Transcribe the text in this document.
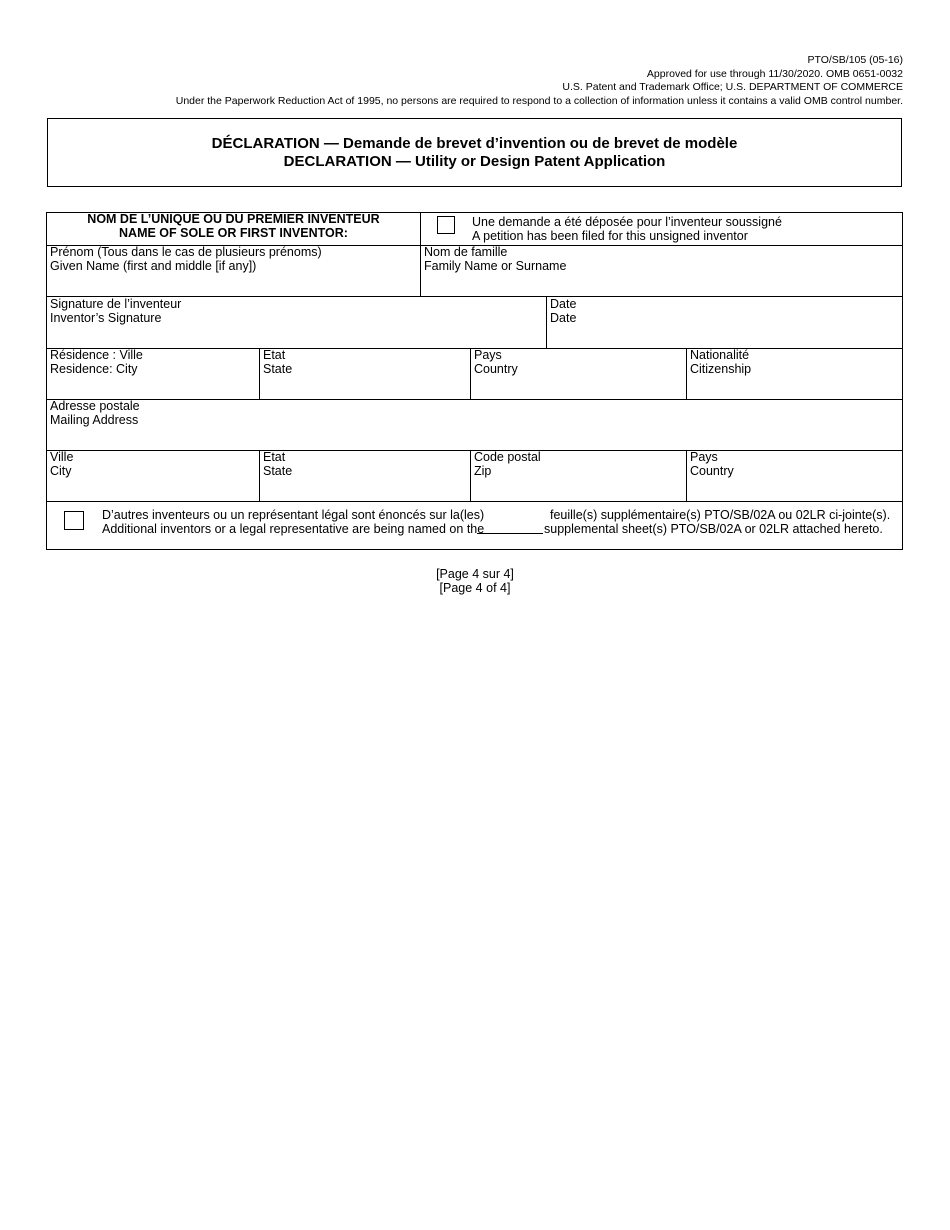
PTO/SB/105 (05-16)
Approved for use through 11/30/2020. OMB 0651-0032
U.S. Patent and Trademark Office; U.S. DEPARTMENT OF COMMERCE
Under the Paperwork Reduction Act of 1995, no persons are required to respond to a collection of information unless it contains a valid OMB control number.
DÉCLARATION — Demande de brevet d’invention ou de brevet de modèle
DECLARATION — Utility or Design Patent Application
NOM DE L’UNIQUE OU DU PREMIER INVENTEUR
NAME OF SOLE OR FIRST INVENTOR:
Une demande a été déposée pour l’inventeur soussigné
A petition has been filed for this unsigned inventor
Prénom (Tous dans le cas de plusieurs prénoms)
Given Name (first and middle [if any])
Nom de famille
Family Name or Surname
Signature de l’inventeur
Inventor’s Signature
Date
Date
Résidence : Ville
Residence: City
Etat
State
Pays
Country
Nationalité
Citizenship
Adresse postale
Mailing Address
Ville
City
Etat
State
Code postal
Zip
Pays
Country
D’autres inventeurs ou un représentant légal sont énoncés sur la(les)	feuille(s) supplémentaire(s) PTO/SB/02A ou 02LR ci-jointe(s).
Additional inventors or a legal representative are being named on the	supplemental sheet(s) PTO/SB/02A or 02LR attached hereto.
[Page 4 sur 4]
[Page 4 of 4]
